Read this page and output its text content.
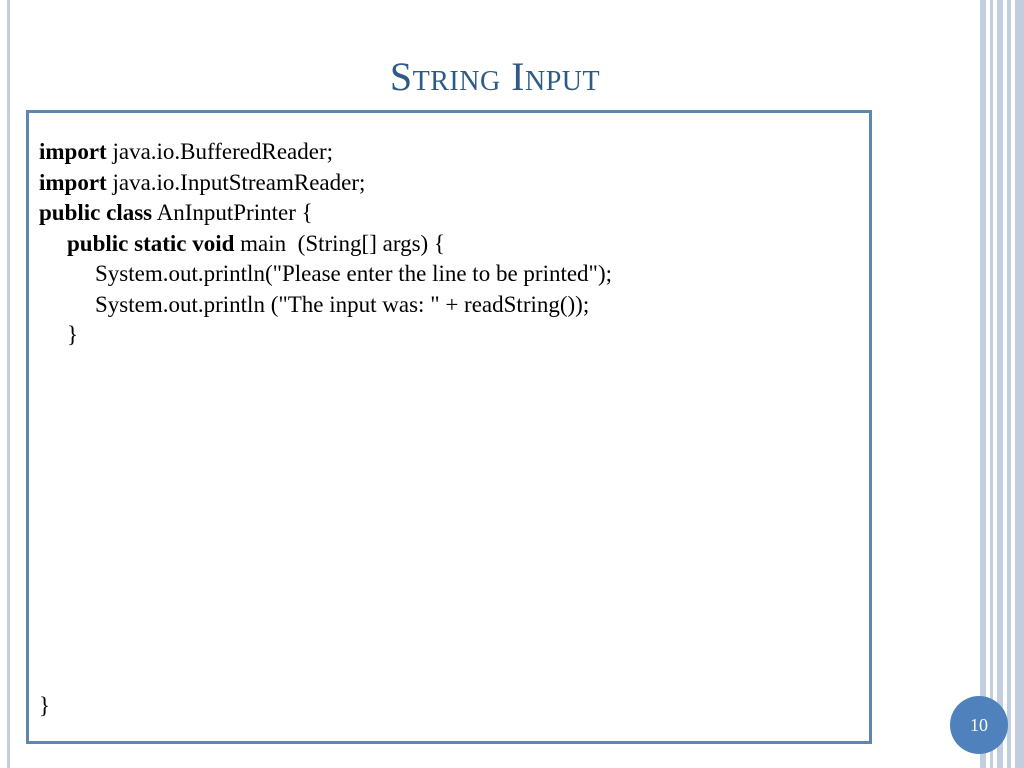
String Input
import java.io.BufferedReader;
import java.io.InputStreamReader;
public class AnInputPrinter {
public static void main  (String[] args) {
System.out.println("Please enter the line to be printed");
System.out.println ("The input was: " + readString());
}
}
10
